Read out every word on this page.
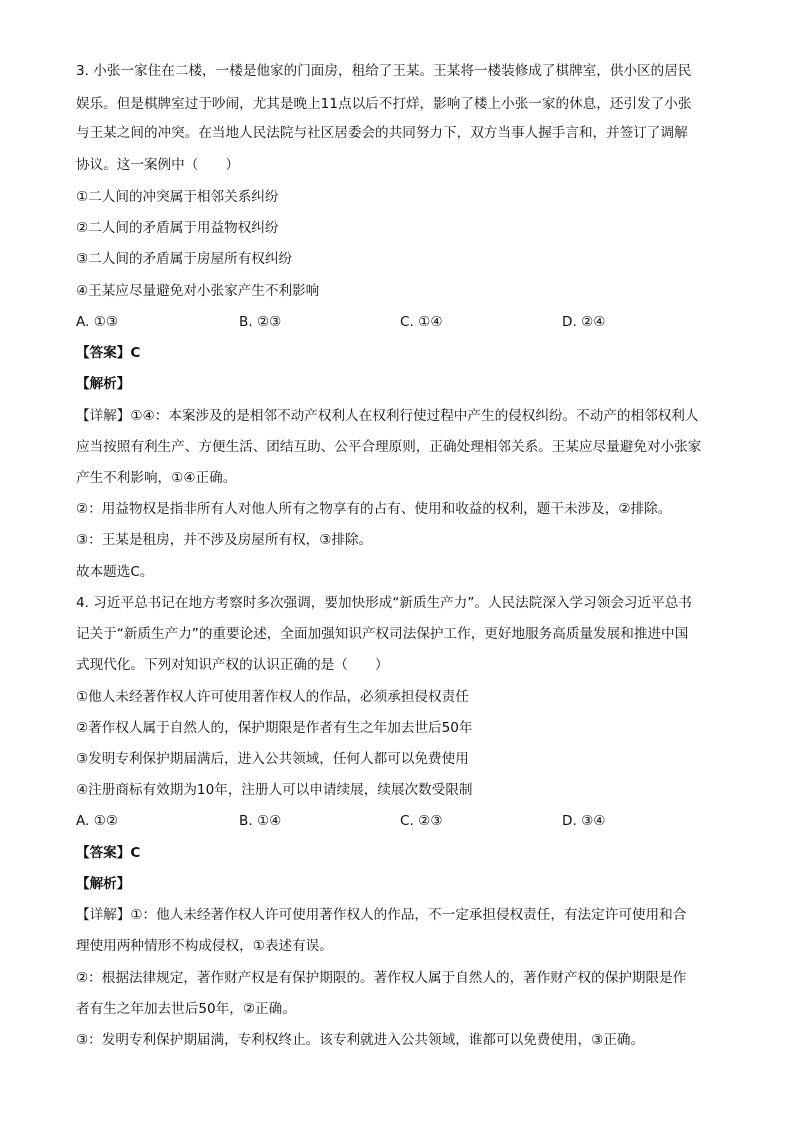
3. 小张一家住在二楼，一楼是他家的门面房，租给了王某。王某将一楼装修成了棋牌室，供小区的居民
娱乐。但是棋牌室过于吵闹，尤其是晚上11点以后不打烊，影响了楼上小张一家的休息，还引发了小张
与王某之间的冲突。在当地人民法院与社区居委会的共同努力下，双方当事人握手言和，并签订了调解
协议。这一案例中（　　）
①二人间的冲突属于相邻关系纠纷
②二人间的矛盾属于用益物权纠纷
③二人间的矛盾属于房屋所有权纠纷
④王某应尽量避免对小张家产生不利影响
A. ①③	B. ②③	C. ①④	D. ②④
【答案】C
【解析】
【详解】①④：本案涉及的是相邻不动产权利人在权利行使过程中产生的侵权纠纷。不动产的相邻权利人
应当按照有利生产、方便生活、团结互助、公平合理原则，正确处理相邻关系。王某应尽量避免对小张家
产生不利影响，①④正确。
②：用益物权是指非所有人对他人所有之物享有的占有、使用和收益的权利，题干未涉及，②排除。
③：王某是租房，并不涉及房屋所有权，③排除。
故本题选C。
4. 习近平总书记在地方考察时多次强调，要加快形成“新质生产力”。人民法院深入学习领会习近平总书
记关于“新质生产力”的重要论述，全面加强知识产权司法保护工作，更好地服务高质量发展和推进中国
式现代化。下列对知识产权的认识正确的是（　　）
①他人未经著作权人许可使用著作权人的作品，必须承担侵权责任
②著作权人属于自然人的，保护期限是作者有生之年加去世后50年
③发明专利保护期届满后，进入公共领域，任何人都可以免费使用
④注册商标有效期为10年，注册人可以申请续展，续展次数受限制
A. ①②	B. ①④	C. ②③	D. ③④
【答案】C
【解析】
【详解】①：他人未经著作权人许可使用著作权人的作品，不一定承担侵权责任，有法定许可使用和合
理使用两种情形不构成侵权，①表述有误。
②：根据法律规定，著作财产权是有保护期限的。著作权人属于自然人的，著作财产权的保护期限是作
者有生之年加去世后50年，②正确。
③：发明专利保护期届满，专利权终止。该专利就进入公共领域，谁都可以免费使用，③正确。
